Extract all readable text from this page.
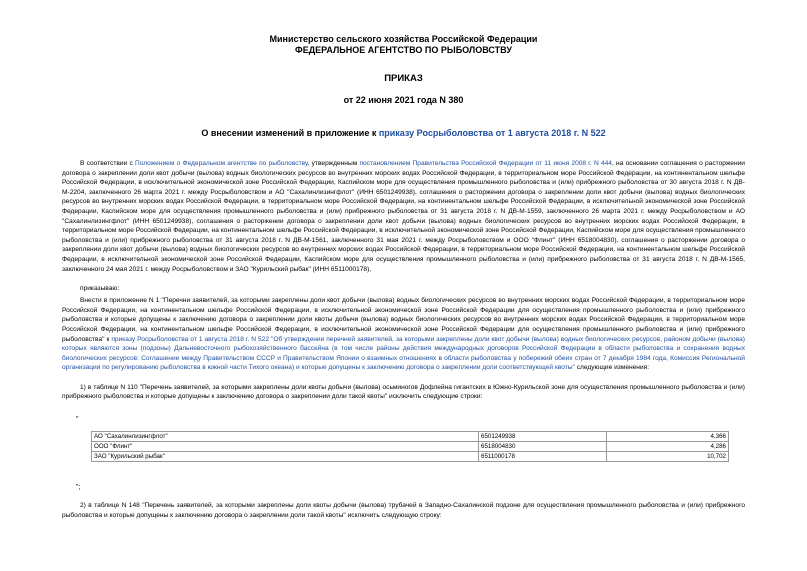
Министерство сельского хозяйства Российской Федерации
ФЕДЕРАЛЬНОЕ АГЕНТСТВО ПО РЫБОЛОВСТВУ
ПРИКАЗ
от 22 июня 2021 года N 380
О внесении изменений в приложение к приказу Росрыболовства от 1 августа 2018 г. N 522
В соответствии с Положением о Федеральном агентстве по рыболовству, утвержденным постановлением Правительства Российской Федерации от 11 июня 2008 г. N 444, на основании соглашения о расторжении договора о закреплении доли квот добычи (вылова) водных биологических ресурсов во внутренних морских водах Российской Федерации, в территориальном море Российской Федерации, на континентальном шельфе Российской Федерации, в исключительной экономической зоне Российской Федерации, Каспийском море для осуществления промышленного рыболовства и (или) прибрежного рыболовства от 30 августа 2018 г. N ДВ-М-2204, заключенного 26 марта 2021 г. между Росрыболовством и АО "Сахалинлизингфлот" (ИНН 6501249938), соглашения о расторжении договора о закреплении доли квот добычи (вылова) водных биологических ресурсов во внутренних морских водах Российской Федерации, в территориальном море Российской Федерации, на континентальном шельфе Российской Федерации, в исключительной экономической зоне Российской Федерации, Каспийском море для осуществления промышленного рыболовства и (или) прибрежного рыболовства от 31 августа 2018 г. N ДВ-М-1559, заключенного 26 марта 2021 г. между Росрыболовством и АО "Сахалинлизингфлот" (ИНН 6501249938), соглашения о расторжении договора о закреплении доли квот добычи (вылова) водных биологических ресурсов во внутренних морских водах Российской Федерации, в территориальном море Российской Федерации, на континентальном шельфе Российской Федерации, в исключительной экономической зоне Российской Федерации, Каспийском море для осуществления промышленного рыболовства и (или) прибрежного рыболовства от 31 августа 2018 г. N ДВ-М-1561, заключенного 31 мая 2021 г. между Росрыболовством и ООО "Флинт" (ИНН 6518004830), соглашения о расторжении договора о закреплении доли квот добычи (вылова) водных биологических ресурсов во внутренних морских водах Российской Федерации, в территориальном море Российской Федерации, на континентальном шельфе Российской Федерации, в исключительной экономической зоне Российской Федерации, Каспийском море для осуществления промышленного рыболовства и (или) прибрежного рыболовства от 31 августа 2018 г. N ДВ-М-1565, заключенного 24 мая 2021 г. между Росрыболовством и ЗАО "Курильский рыбак" (ИНН 6511000178),
приказываю:
Внести в приложение N 1 "Перечни заявителей, за которыми закреплены доли квот добычи (вылова) водных биологических ресурсов во внутренних морских водах Российской Федерации, в территориальном море Российской Федерации, на континентальном шельфе Российской Федерации, в исключительной экономической зоне Российской Федерации для осуществления промышленного рыболовства и (или) прибрежного рыболовства и которые допущены к заключению договора о закреплении доли квоты добычи (вылова) водных биологических ресурсов во внутренних морских водах Российской Федерации, в территориальном море Российской Федерации, на континентальном шельфе Российской Федерации, в исключительной экономической зоне Российской Федерации для осуществления промышленного рыболовства и (или) прибрежного рыболовства" к приказу Росрыболовства от 1 августа 2018 г. N 522 "Об утверждении перечней заявителей, за которыми закреплены доли квот добычи (вылова) водных биологических ресурсов, районом добычи (вылова) которых являются зоны (подзоны) Дальневосточного рыбохозяйственного бассейна (в том числе районы действия международных договоров Российской Федерации в области рыболовства и сохранения водных биологических ресурсов: Соглашение между Правительством СССР и Правительством Японии о взаимных отношениях в области рыболовства у побережий обеих стран от 7 декабря 1984 года, Комиссия Региональной организации по регулированию рыболовства в южной части Тихого океана) и которые допущены к заключению договора о закреплении доли соответствующей квоты" следующие изменения:
1) в таблице N 110 "Перечень заявителей, за которыми закреплены доли квоты добычи (вылова) осьминогов Дофлейна гигантских в Южно-Курильской зоне для осуществления промышленного рыболовства и (или) прибрежного рыболовства и которые допущены к заключению договора о закреплении доли такой квоты" исключить следующие строки:
"
АО "Сахалинлизингфлот"	6501249938	4,366
ООО "Флинт"	6518004830	4,286
ЗАО "Курильский рыбак"	6511000178	10,702
";
2) в таблице N 148 "Перечень заявителей, за которыми закреплены доли квоты добычи (вылова) трубачей в Западно-Сахалинской подзоне для осуществления промышленного рыболовства и (или) прибрежного рыболовства и которые допущены к заключению договора о закреплении доли такой квоты" исключить следующую строку:
